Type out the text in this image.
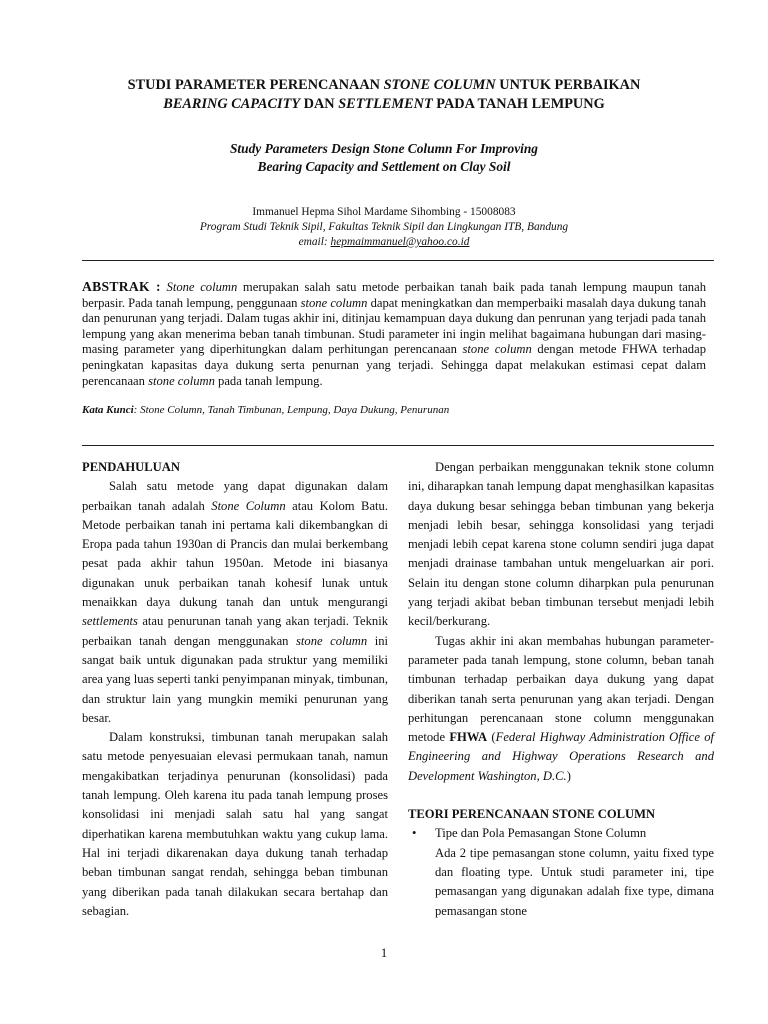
STUDI PARAMETER PERENCANAAN STONE COLUMN UNTUK PERBAIKAN
BEARING CAPACITY DAN SETTLEMENT PADA TANAH LEMPUNG
Study Parameters Design Stone Column For Improving
Bearing Capacity and Settlement on Clay Soil
Immanuel Hepma Sihol Mardame Sihombing - 15008083
Program Studi Teknik Sipil, Fakultas Teknik Sipil dan Lingkungan ITB, Bandung
email: hepmaimmanuel@yahoo.co.id
ABSTRAK : Stone column merupakan salah satu metode perbaikan tanah baik pada tanah lempung maupun tanah berpasir. Pada tanah lempung, penggunaan stone column dapat meningkatkan dan memperbaiki masalah daya dukung tanah dan penurunan yang terjadi. Dalam tugas akhir ini, ditinjau kemampuan daya dukung dan penrunan yang terjadi pada tanah lempung yang akan menerima beban tanah timbunan. Studi parameter ini ingin melihat bagaimana hubungan dari masing-masing parameter yang diperhitungkan dalam perhitungan perencanaan stone column dengan metode FHWA terhadap peningkatan kapasitas daya dukung serta penurnan yang terjadi. Sehingga dapat melakukan estimasi cepat dalam perencanaan stone column pada tanah lempung.
Kata Kunci: Stone Column, Tanah Timbunan, Lempung, Daya Dukung, Penurunan
PENDAHULUAN

Salah satu metode yang dapat digunakan dalam perbaikan tanah adalah Stone Column atau Kolom Batu. Metode perbaikan tanah ini pertama kali dikembangkan di Eropa pada tahun 1930an di Prancis dan mulai berkembang pesat pada akhir tahun 1950an. Metode ini biasanya digunakan unuk perbaikan tanah kohesif lunak untuk menaikkan daya dukung tanah dan untuk mengurangi settlements atau penurunan tanah yang akan terjadi. Teknik perbaikan tanah dengan menggunakan stone column ini sangat baik untuk digunakan pada struktur yang memiliki area yang luas seperti tanki penyimpanan minyak, timbunan, dan struktur lain yang mungkin memiki penurunan yang besar.

Dalam konstruksi, timbunan tanah merupakan salah satu metode penyesuaian elevasi permukaan tanah, namun mengakibatkan terjadinya penurunan (konsolidasi) pada tanah lempung. Oleh karena itu pada tanah lempung proses konsolidasi ini menjadi salah satu hal yang sangat diperhatikan karena membutuhkan waktu yang cukup lama. Hal ini terjadi dikarenakan daya dukung tanah terhadap beban timbunan sangat rendah, sehingga beban timbunan yang diberikan pada tanah dilakukan secara bertahap dan sebagian.

Dengan perbaikan menggunakan teknik stone column ini, diharapkan tanah lempung dapat menghasilkan kapasitas daya dukung besar sehingga beban timbunan yang bekerja menjadi lebih besar, sehingga konsolidasi yang terjadi menjadi lebih cepat karena stone column sendiri juga dapat menjadi drainase tambahan untuk mengeluarkan air pori. Selain itu dengan stone column diharpkan pula penurunan yang terjadi akibat beban timbunan tersebut menjadi lebih kecil/berkurang.

Tugas akhir ini akan membahas hubungan parameter-parameter pada tanah lempung, stone column, beban tanah timbunan terhadap perbaikan daya dukung yang dapat diberikan tanah serta penurunan yang akan terjadi. Dengan perhitungan perencanaan stone column menggunakan metode FHWA (Federal Highway Administration Office of Engineering and Highway Operations Research and Development Washington, D.C.)

TEORI PERENCANAAN STONE COLUMN
• Tipe dan Pola Pemasangan Stone Column
Ada 2 tipe pemasangan stone column, yaitu fixed type dan floating type. Untuk studi parameter ini, tipe pemasangan yang digunakan adalah fixe type, dimana pemasangan stone
1
